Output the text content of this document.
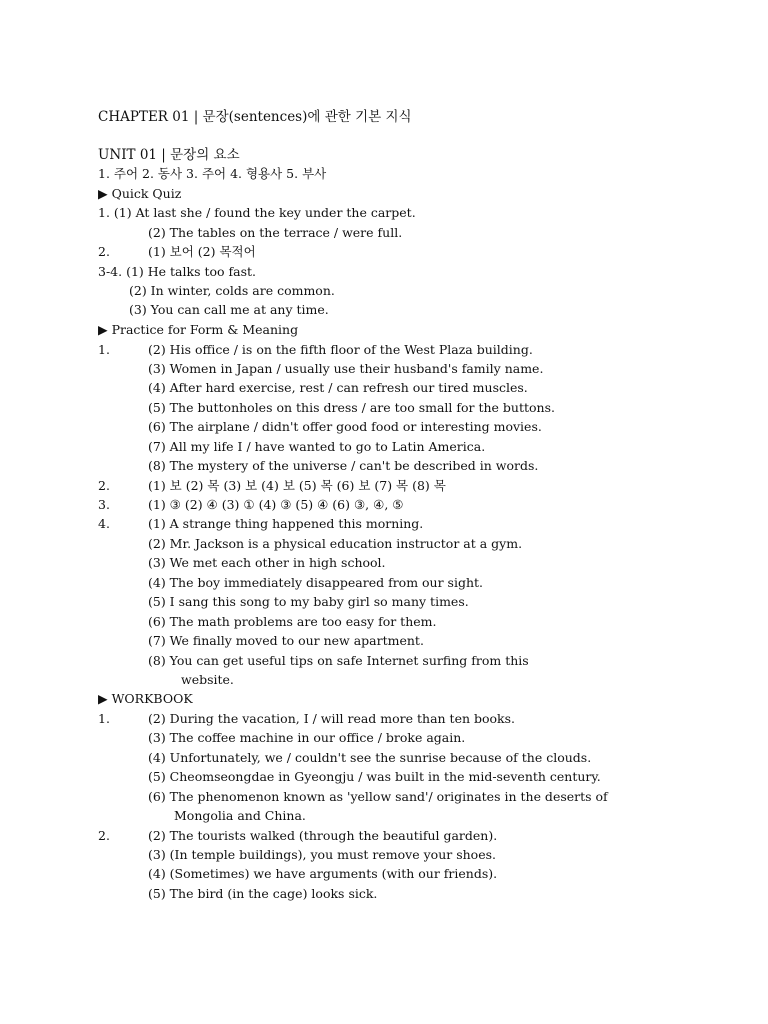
CHAPTER 01 | 문장(sentences)에 관한 기본 지식
UNIT 01 | 문장의 요소
1. 주어 2. 동사 3. 주어 4. 형용사 5. 부사
▶ Quick Quiz
1. (1) At last she / found the key under the carpet.
(2) The tables on the terrace / were full.
2.	(1) 보어 (2) 목적어
3-4. (1) He talks too fast.
(2) In winter, colds are common.
(3) You can call me at any time.
▶ Practice for Form & Meaning
1.	(2) His office / is on the fifth floor of the West Plaza building.
(3) Women in Japan / usually use their husband's family name.
(4) After hard exercise, rest / can refresh our tired muscles.
(5) The buttonholes on this dress / are too small for the buttons.
(6) The airplane / didn't offer good food or interesting movies.
(7) All my life I / have wanted to go to Latin America.
(8) The mystery of the universe / can't be described in words.
2.	(1) 보 (2) 목 (3) 보 (4) 보 (5) 목 (6) 보 (7) 목 (8) 목
3.	(1) ③ (2) ④ (3) ① (4) ③ (5) ④ (6) ③, ④, ⑤
4.	(1) A strange thing happened this morning.
(2) Mr. Jackson is a physical education instructor at a gym.
(3) We met each other in high school.
(4) The boy immediately disappeared from our sight.
(5) I sang this song to my baby girl so many times.
(6) The math problems are too easy for them.
(7) We finally moved to our new apartment.
(8) You can get useful tips on safe Internet surfing from this
website.
▶ WORKBOOK
1.	(2) During the vacation, I / will read more than ten books.
(3) The coffee machine in our office / broke again.
(4) Unfortunately, we / couldn't see the sunrise because of the clouds.
(5) Cheomseongdae in Gyeongju / was built in the mid-seventh century.
(6) The phenomenon known as 'yellow sand'/ originates in the deserts of
Mongolia and China.
2.	(2) The tourists walked (through the beautiful garden).
(3) (In temple buildings), you must remove your shoes.
(4) (Sometimes) we have arguments (with our friends).
(5) The bird (in the cage) looks sick.
